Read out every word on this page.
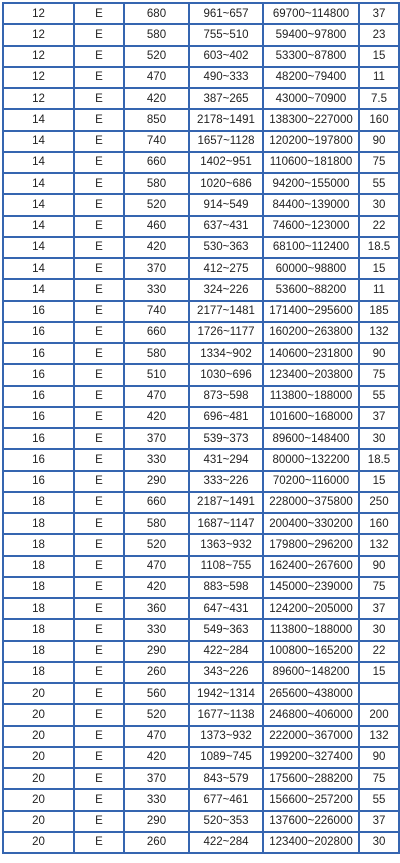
12	E	680	961~657	69700~114800	37
12	E	580	755~510	59400~97800	23
12	E	520	603~402	53300~87800	15
12	E	470	490~333	48200~79400	11
12	E	420	387~265	43000~70900	7.5
14	E	850	2178~1491	138300~227000	160
14	E	740	1657~1128	120200~197800	90
14	E	660	1402~951	110600~181800	75
14	E	580	1020~686	94200~155000	55
14	E	520	914~549	84400~139000	30
14	E	460	637~431	74600~123000	22
14	E	420	530~363	68100~112400	18.5
14	E	370	412~275	60000~98800	15
14	E	330	324~226	53600~88200	11
16	E	740	2177~1481	171400~295600	185
16	E	660	1726~1177	160200~263800	132
16	E	580	1334~902	140600~231800	90
16	E	510	1030~696	123400~203800	75
16	E	470	873~598	113800~188000	55
16	E	420	696~481	101600~168000	37
16	E	370	539~373	89600~148400	30
16	E	330	431~294	80000~132200	18.5
16	E	290	333~226	70200~116000	15
18	E	660	2187~1491	228000~375800	250
18	E	580	1687~1147	200400~330200	160
18	E	520	1363~932	179800~296200	132
18	E	470	1108~755	162400~267600	90
18	E	420	883~598	145000~239000	75
18	E	360	647~431	124200~205000	37
18	E	330	549~363	113800~188000	30
18	E	290	422~284	100800~165200	22
18	E	260	343~226	89600~148200	15
20	E	560	1942~1314	265600~438000	
20	E	520	1677~1138	246800~406000	200
20	E	470	1373~932	222000~367000	132
20	E	420	1089~745	199200~327400	90
20	E	370	843~579	175600~288200	75
20	E	330	677~461	156600~257200	55
20	E	290	520~353	137600~226000	37
20	E	260	422~284	123400~202800	30
